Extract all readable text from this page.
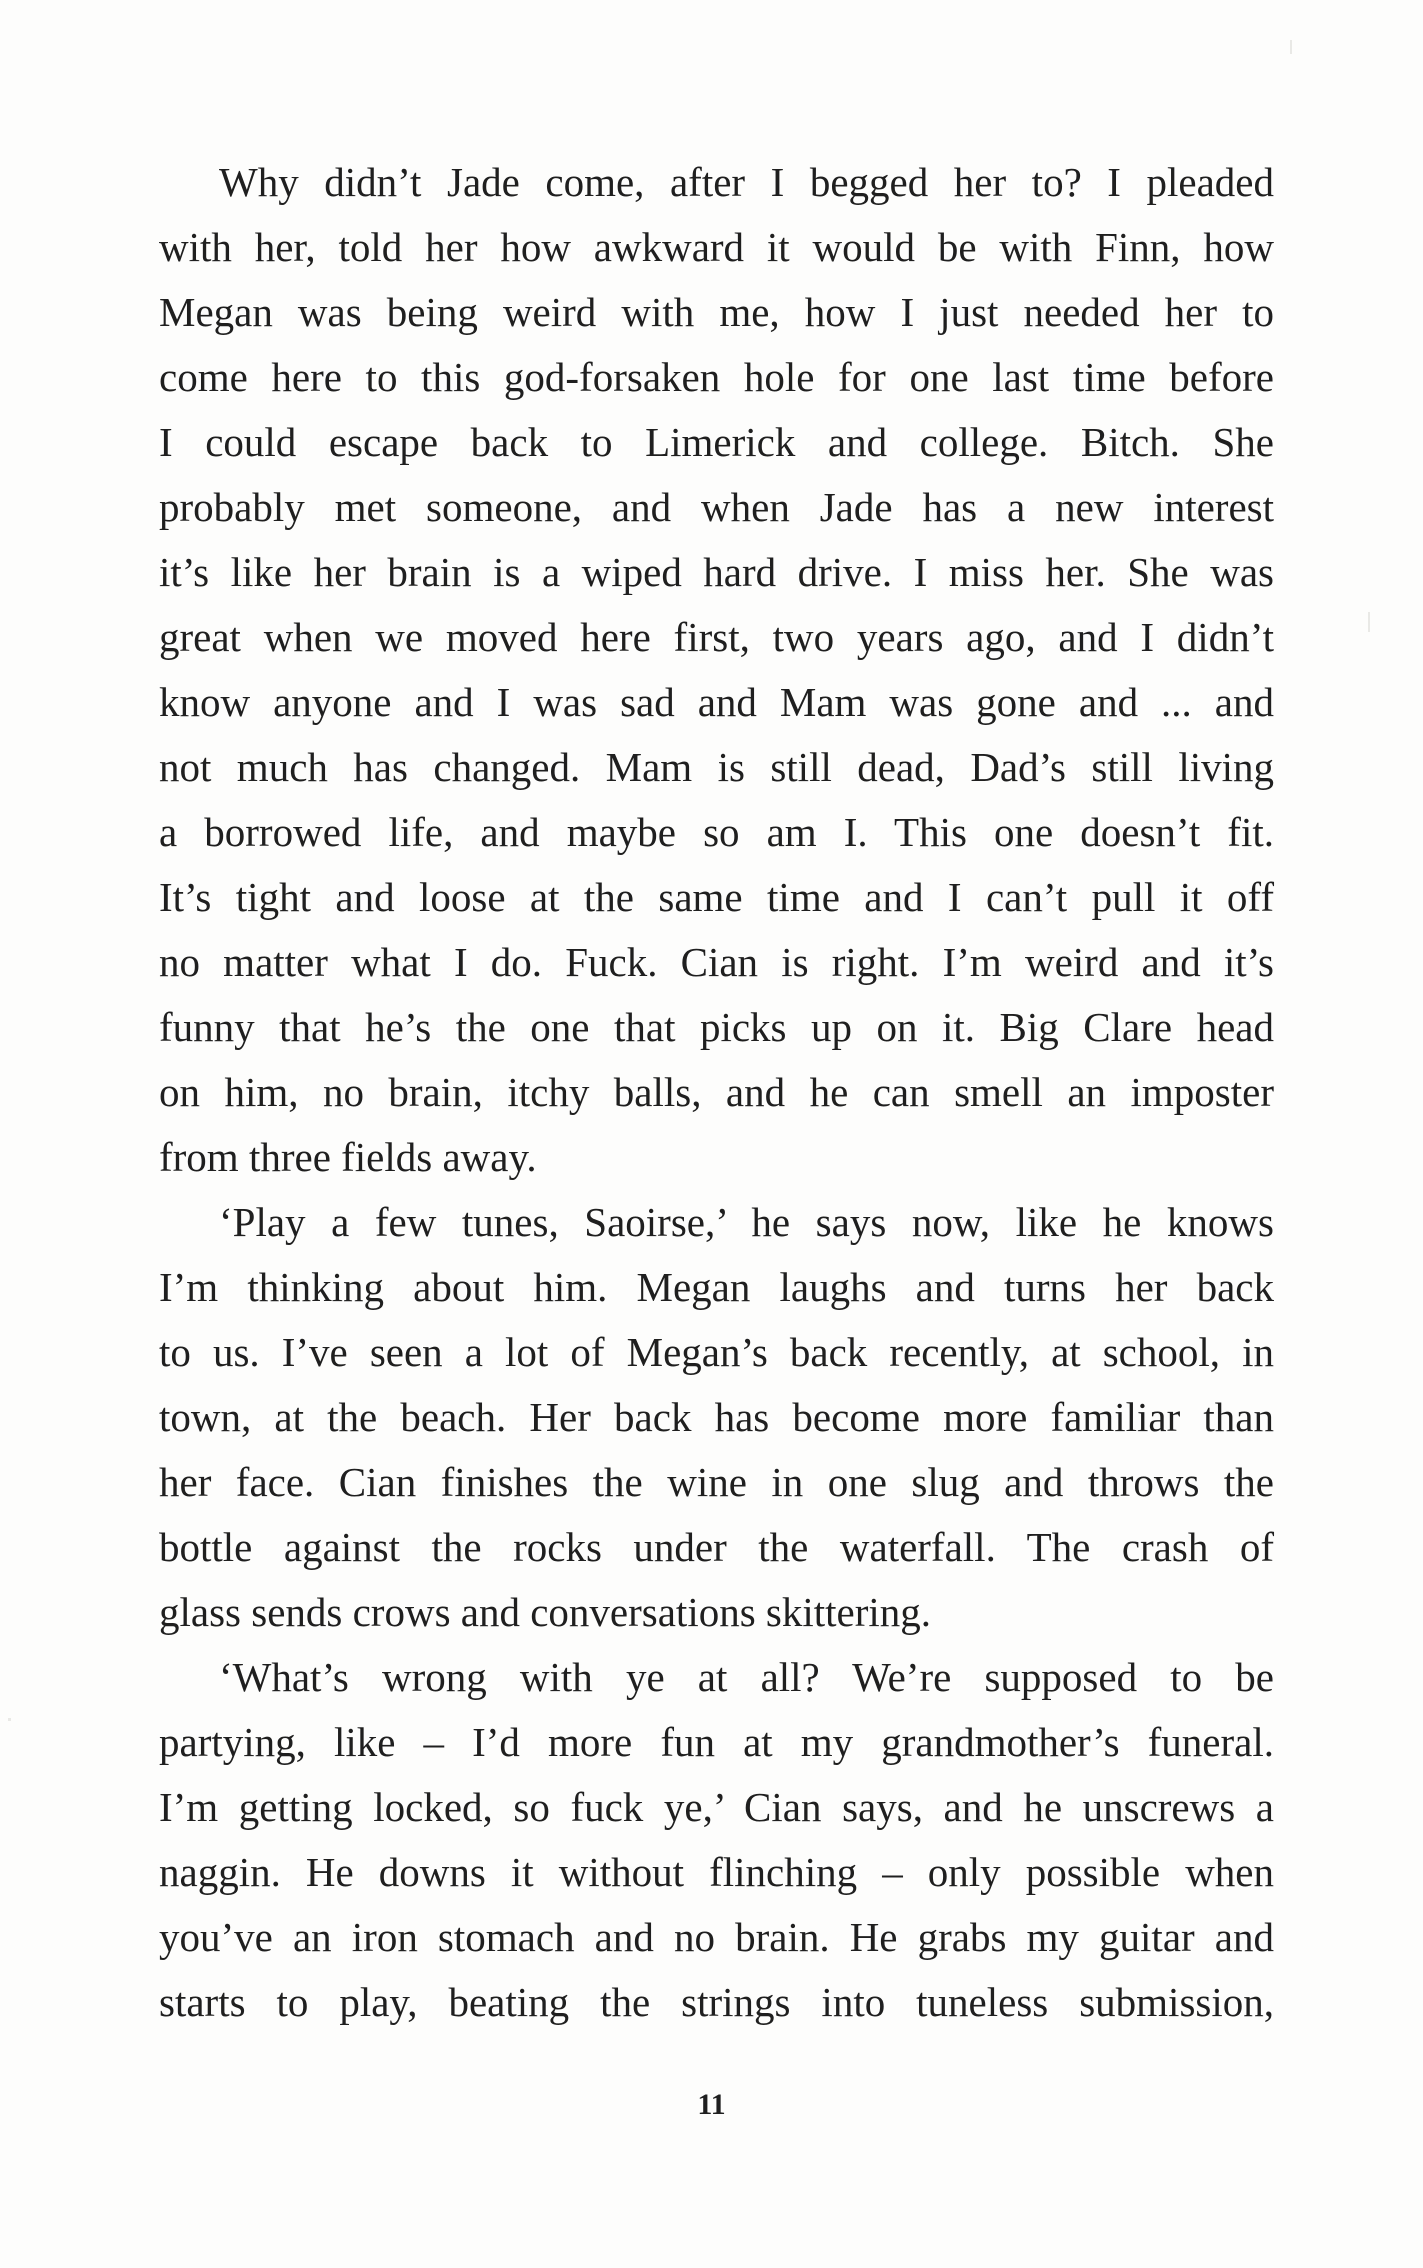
Why didn’t Jade come, after I begged her to? I pleaded
with her, told her how awkward it would be with Finn, how
Megan was being weird with me, how I just needed her to
come here to this god-forsaken hole for one last time before
I could escape back to Limerick and college. Bitch. She
probably met someone, and when Jade has a new interest
it’s like her brain is a wiped hard drive. I miss her. She was
great when we moved here first, two years ago, and I didn’t
know anyone and I was sad and Mam was gone and ... and
not much has changed. Mam is still dead, Dad’s still living
a borrowed life, and maybe so am I. This one doesn’t fit.
It’s tight and loose at the same time and I can’t pull it off
no matter what I do. Fuck. Cian is right. I’m weird and it’s
funny that he’s the one that picks up on it. Big Clare head
on him, no brain, itchy balls, and he can smell an imposter
from three fields away.
‘Play a few tunes, Saoirse,’ he says now, like he knows
I’m thinking about him. Megan laughs and turns her back
to us. I’ve seen a lot of Megan’s back recently, at school, in
town, at the beach. Her back has become more familiar than
her face. Cian finishes the wine in one slug and throws the
bottle against the rocks under the waterfall. The crash of
glass sends crows and conversations skittering.
‘What’s wrong with ye at all? We’re supposed to be
partying, like – I’d more fun at my grandmother’s funeral.
I’m getting locked, so fuck ye,’ Cian says, and he unscrews a
naggin. He downs it without flinching – only possible when
you’ve an iron stomach and no brain. He grabs my guitar and
starts to play, beating the strings into tuneless submission,
11
